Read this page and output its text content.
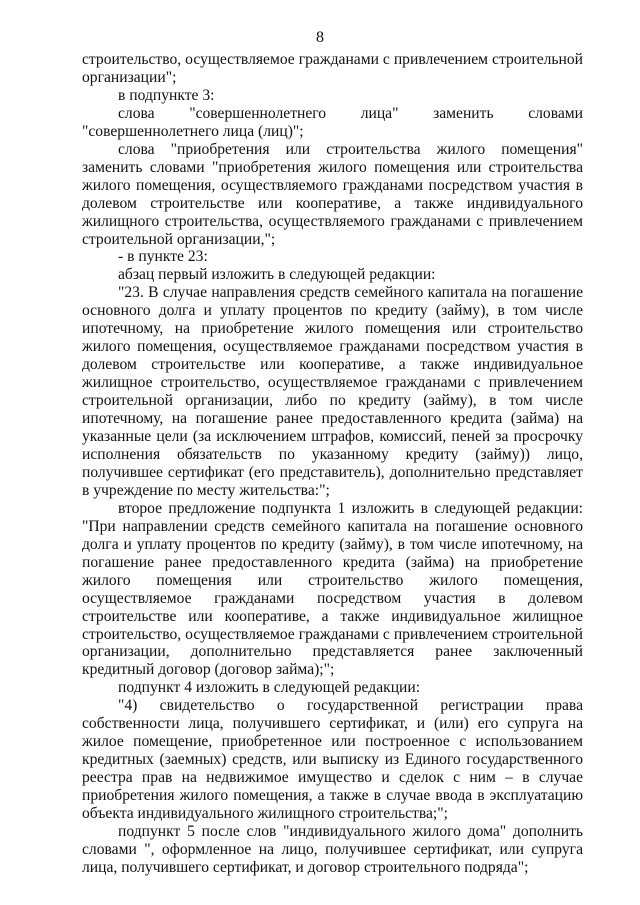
8

строительство, осуществляемое гражданами с привлечением строительной организации";

в подпункте 3:

слова "совершеннолетнего лица" заменить словами "совершеннолетнего лица (лиц)";

слова "приобретения или строительства жилого помещения" заменить словами "приобретения жилого помещения или строительства жилого помещения, осуществляемого гражданами посредством участия в долевом строительстве или кооперативе, а также индивидуального жилищного строительства, осуществляемого гражданами с привлечением строительной организации,";

- в пункте 23:

абзац первый изложить в следующей редакции:

"23. В случае направления средств семейного капитала на погашение основного долга и уплату процентов по кредиту (займу), в том числе ипотечному, на приобретение жилого помещения или строительство жилого помещения, осуществляемое гражданами посредством участия в долевом строительстве или кооперативе, а также индивидуальное жилищное строительство, осуществляемое гражданами с привлечением строительной организации, либо по кредиту (займу), в том числе ипотечному, на погашение ранее предоставленного кредита (займа) на указанные цели (за исключением штрафов, комиссий, пеней за просрочку исполнения обязательств по указанному кредиту (займу)) лицо, получившее сертификат (его представитель), дополнительно представляет в учреждение по месту жительства:";

второе предложение подпункта 1 изложить в следующей редакции: "При направлении средств семейного капитала на погашение основного долга и уплату процентов по кредиту (займу), в том числе ипотечному, на погашение ранее предоставленного кредита (займа) на приобретение жилого помещения или строительство жилого помещения, осуществляемое гражданами посредством участия в долевом строительстве или кооперативе, а также индивидуальное жилищное строительство, осуществляемое гражданами с привлечением строительной организации, дополнительно представляется ранее заключенный кредитный договор (договор займа);";

подпункт 4 изложить в следующей редакции:

"4) свидетельство о государственной регистрации права собственности лица, получившего сертификат, и (или) его супруга на жилое помещение, приобретенное или построенное с использованием кредитных (заемных) средств, или выписку из Единого государственного реестра прав на недвижимое имущество и сделок с ним – в случае приобретения жилого помещения, а также в случае ввода в эксплуатацию объекта индивидуального жилищного строительства;";

подпункт 5 после слов "индивидуального жилого дома" дополнить словами ", оформленное на лицо, получившее сертификат, или супруга лица, получившего сертификат, и договор строительного подряда";
